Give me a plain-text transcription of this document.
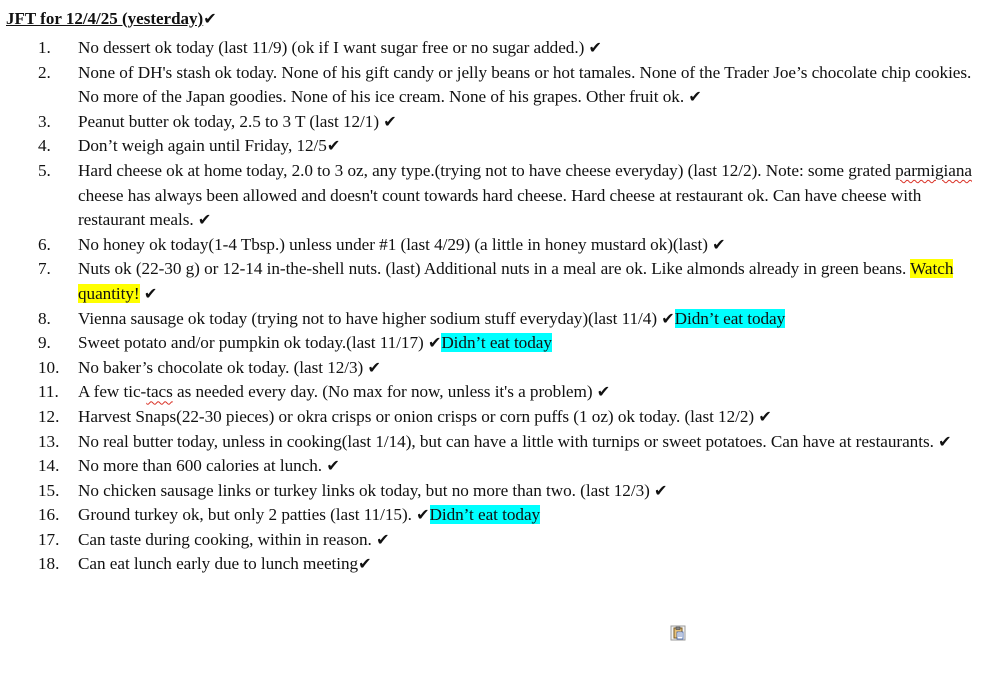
JFT for 12/4/25 (yesterday)✔
1.	No dessert ok today (last 11/9) (ok if I want sugar free or no sugar added.) ✔
2.	None of DH's stash ok today. None of his gift candy or jelly beans or hot tamales. None of the Trader Joe’s chocolate chip cookies. No more of the Japan goodies. None of his ice cream. None of his grapes. Other fruit ok. ✔
3.	Peanut butter ok today, 2.5 to 3 T (last 12/1) ✔
4.	Don’t weigh again until Friday, 12/5✔
5.	Hard cheese ok at home today, 2.0 to 3 oz, any type.(trying not to have cheese everyday) (last 12/2). Note: some grated parmigiana cheese has always been allowed and doesn't count towards hard cheese. Hard cheese at restaurant ok. Can have cheese with restaurant meals. ✔
6.	No honey ok today(1-4 Tbsp.) unless under #1 (last 4/29) (a little in honey mustard ok)(last) ✔
7.	Nuts ok (22-30 g) or 12-14 in-the-shell nuts. (last) Additional nuts in a meal are ok. Like almonds already in green beans. Watch quantity! ✔
8.	Vienna sausage ok today (trying not to have higher sodium stuff everyday)(last 11/4) ✔Didn’t eat today
9.	Sweet potato and/or pumpkin ok today.(last 11/17) ✔Didn’t eat today
10.	No baker’s chocolate ok today. (last 12/3) ✔
11.	A few tic-tacs as needed every day. (No max for now, unless it's a problem) ✔
12.	Harvest Snaps(22-30 pieces) or okra crisps or onion crisps or corn puffs (1 oz) ok today. (last 12/2) ✔
13.	No real butter today, unless in cooking(last 1/14), but can have a little with turnips or sweet potatoes. Can have at restaurants. ✔
14.	No more than 600 calories at lunch. ✔
15.	No chicken sausage links or turkey links ok today, but no more than two. (last 12/3) ✔
16.	Ground turkey ok, but only 2 patties (last 11/15). ✔Didn’t eat today
17.	Can taste during cooking, within in reason. ✔
18.	Can eat lunch early due to lunch meeting✔
